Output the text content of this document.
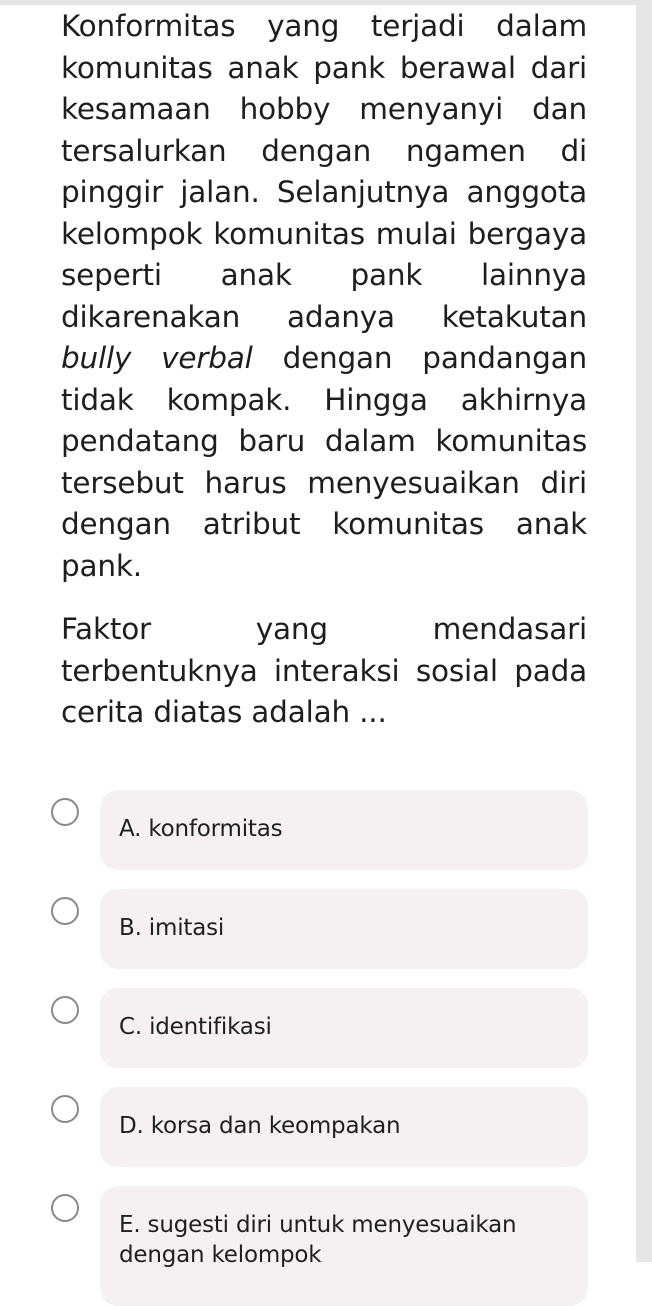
Konformitas yang terjadi dalam komunitas anak pank berawal dari kesamaan hobby menyanyi dan tersalurkan dengan ngamen di pinggir jalan. Selanjutnya anggota kelompok komunitas mulai bergaya seperti anak pank lainnya dikarenakan adanya ketakutan bully verbal dengan pandangan tidak kompak. Hingga akhirnya pendatang baru dalam komunitas tersebut harus menyesuaikan diri dengan atribut komunitas anak pank.

Faktor yang mendasari terbentuknya interaksi sosial pada cerita diatas adalah ...

A. konformitas
B. imitasi
C. identifikasi
D. korsa dan keompakan
E. sugesti diri untuk menyesuaikan
dengan kelompok
